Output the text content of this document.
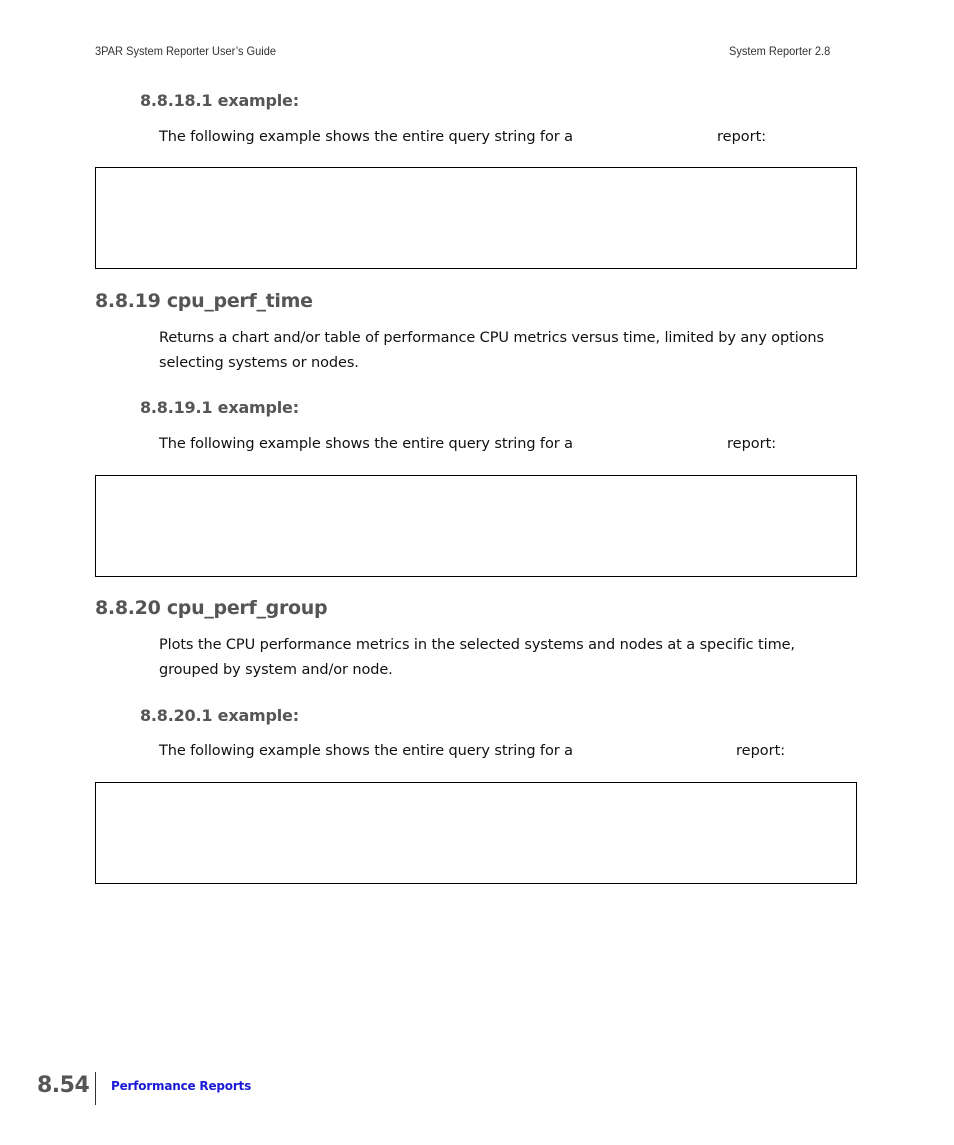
3PAR System Reporter User’s Guide	System Reporter 2.8
8.8.18.1 example:
The following example shows the entire query string for a	report:
8.8.19 cpu_perf_time
Returns a chart and/or table of performance CPU metrics versus time, limited by any options
selecting systems or nodes.
8.8.19.1 example:
The following example shows the entire query string for a	report:
8.8.20 cpu_perf_group
Plots the CPU performance metrics in the selected systems and nodes at a specific time,
grouped by system and/or node.
8.8.20.1 example:
The following example shows the entire query string for a	report:
8.54 Performance Reports
